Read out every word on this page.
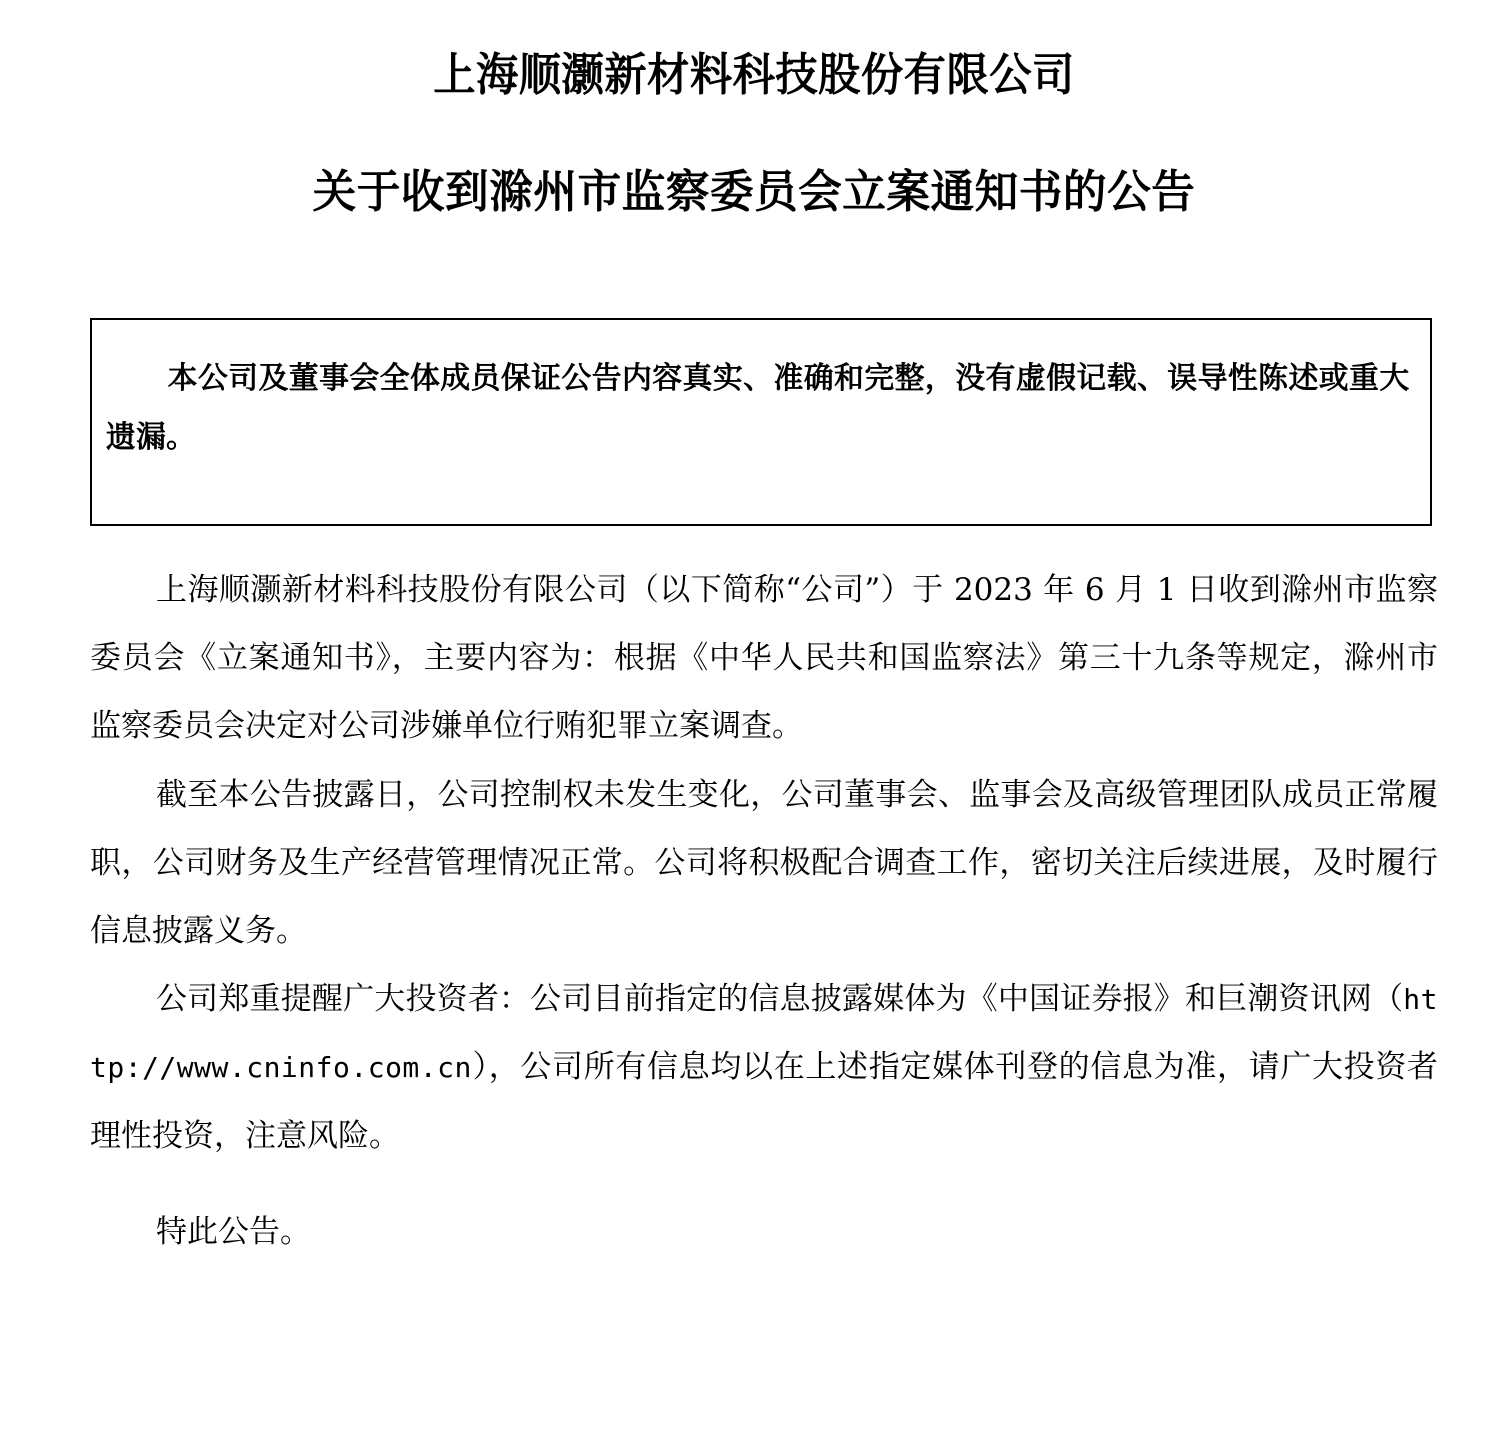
上海顺灏新材料科技股份有限公司
关于收到滁州市监察委员会立案通知书的公告
本公司及董事会全体成员保证公告内容真实、准确和完整，没有虚假记载、误导性陈述或重大遗漏。

上海顺灏新材料科技股份有限公司（以下简称“公司”）于 2023 年 6 月 1 日收到滁州市监察委员会《立案通知书》，主要内容为：根据《中华人民共和国监察法》第三十九条等规定，滁州市监察委员会决定对公司涉嫌单位行贿犯罪立案调查。

截至本公告披露日，公司控制权未发生变化，公司董事会、监事会及高级管理团队成员正常履职，公司财务及生产经营管理情况正常。公司将积极配合调查工作，密切关注后续进展，及时履行信息披露义务。

公司郑重提醒广大投资者：公司目前指定的信息披露媒体为《中国证券报》和巨潮资讯网（http://www.cninfo.com.cn），公司所有信息均以在上述指定媒体刊登的信息为准，请广大投资者理性投资，注意风险。

特此公告。
